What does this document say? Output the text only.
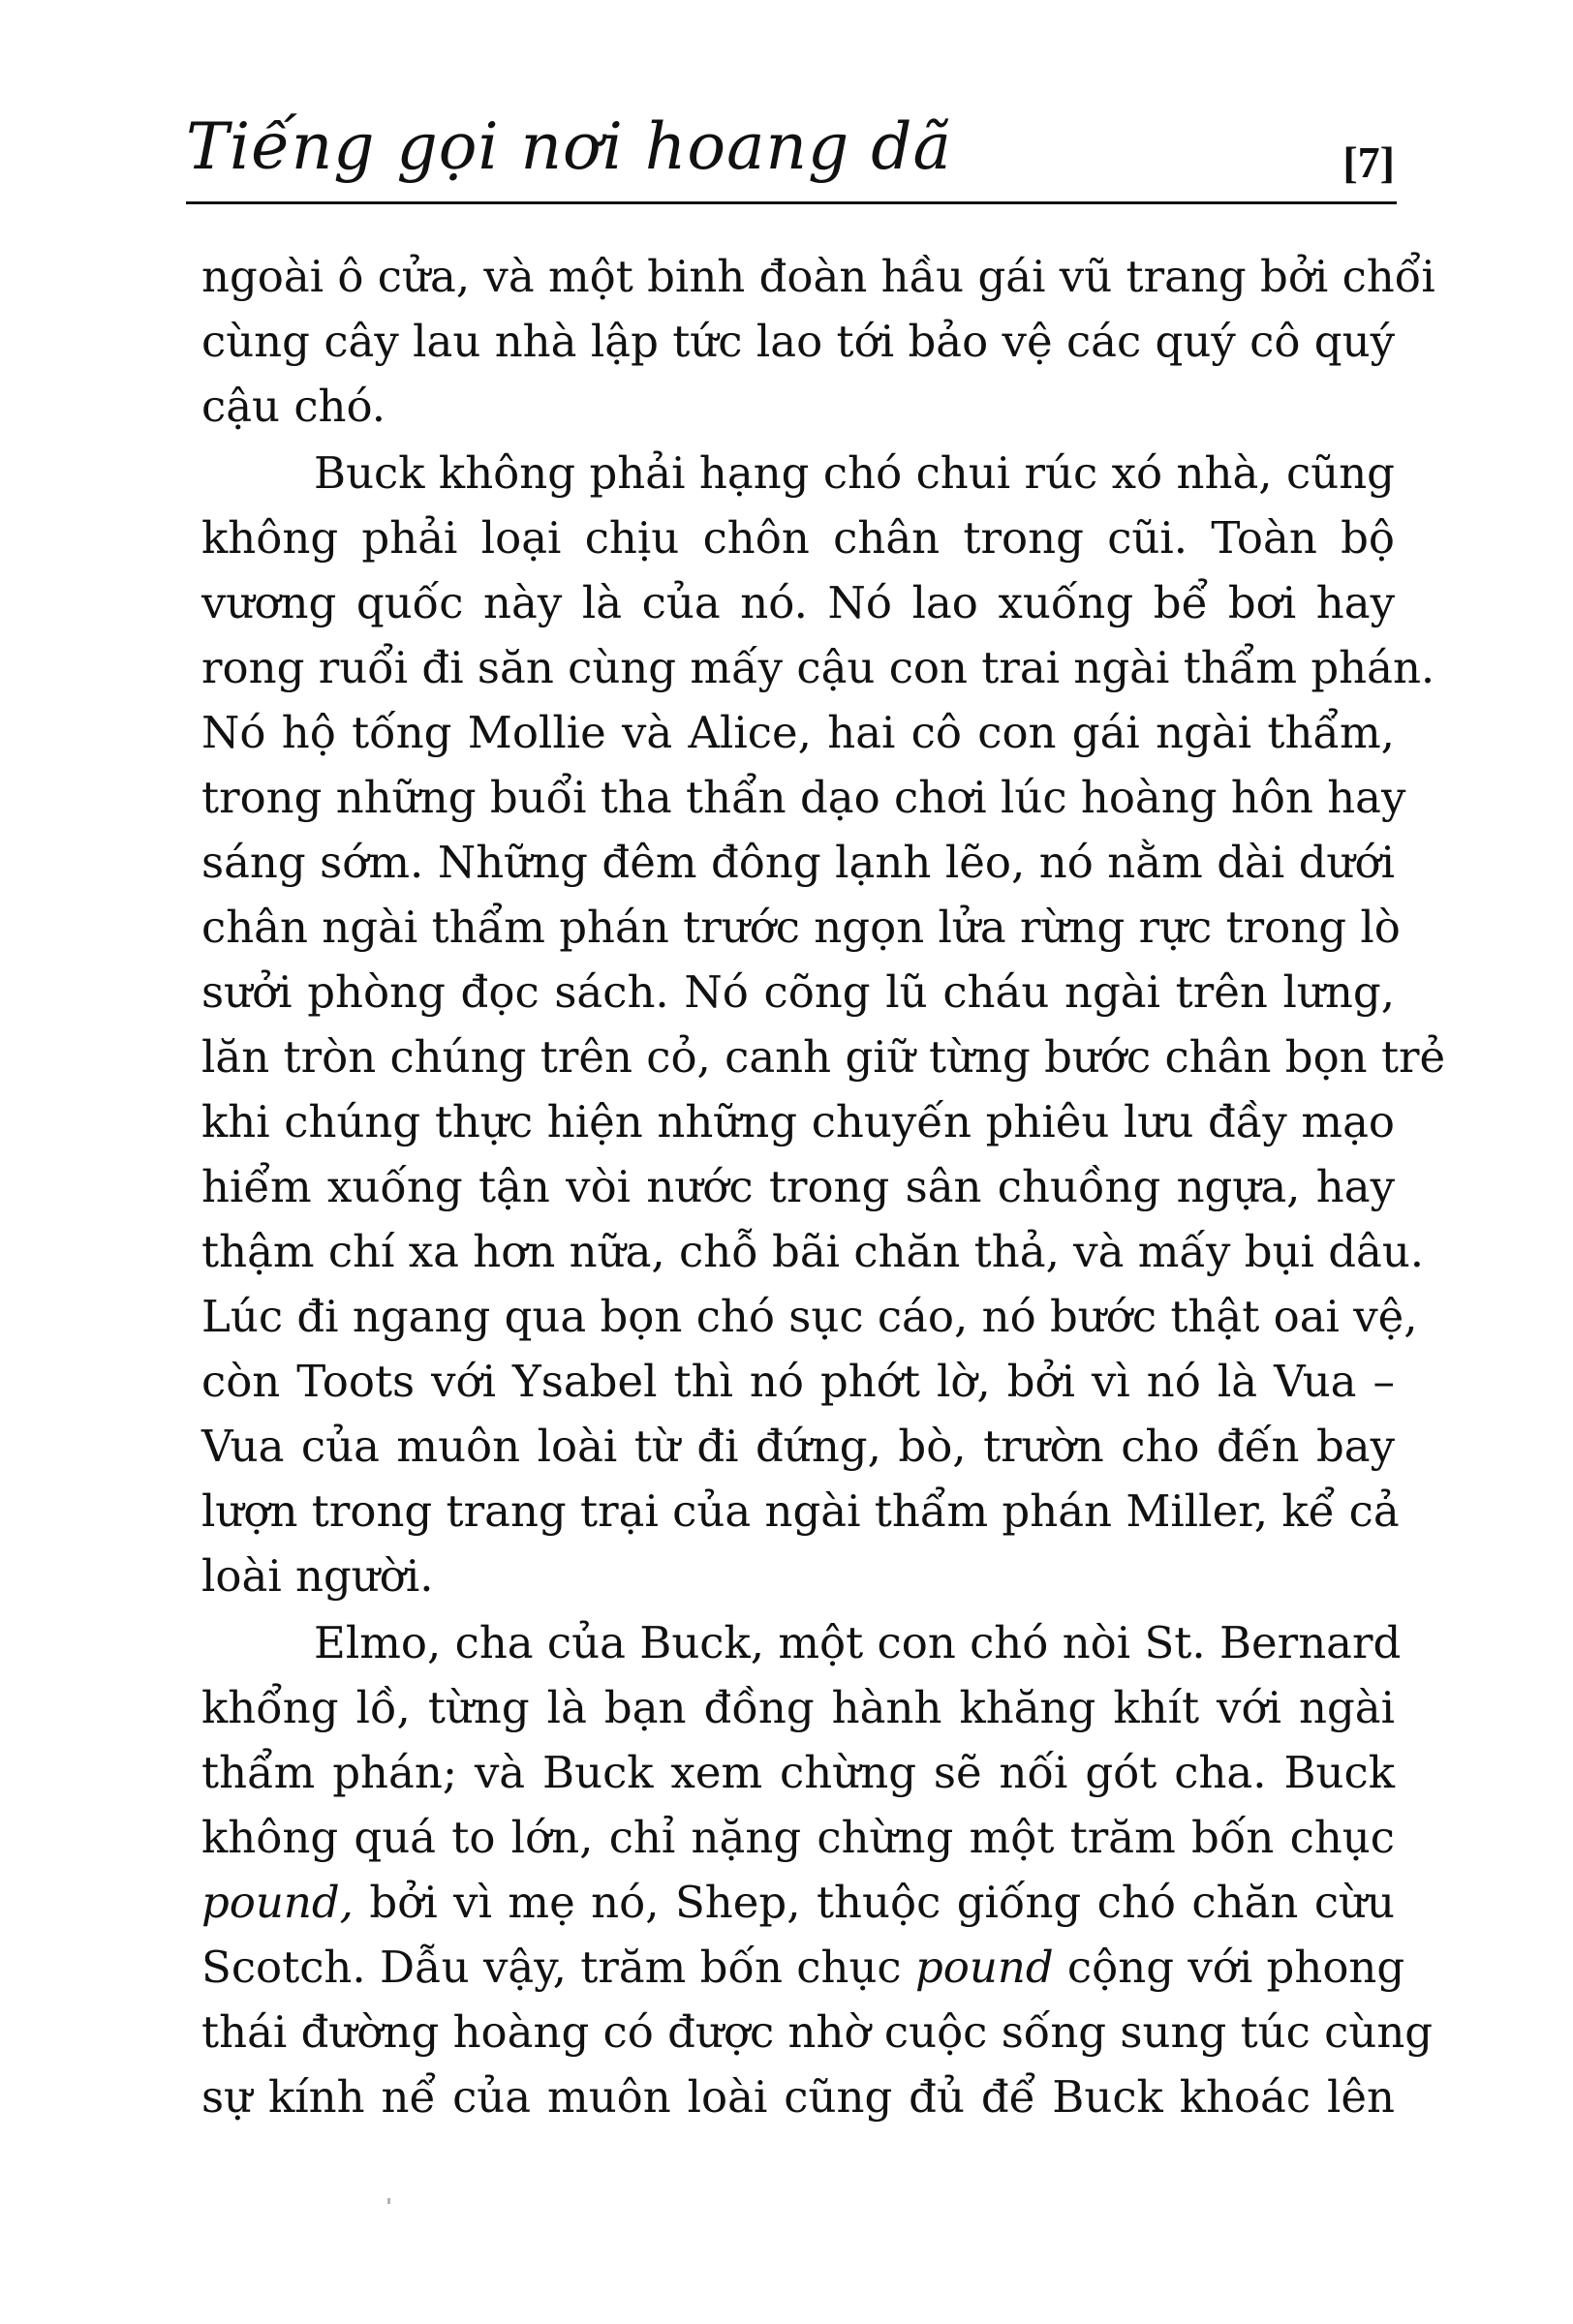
Tiếng gọi nơi hoang dã	[7]

ngoài ô cửa, và một binh đoàn hầu gái vũ trang bởi chổi
cùng cây lau nhà lập tức lao tới bảo vệ các quý cô quý
cậu chó.

Buck không phải hạng chó chui rúc xó nhà, cũng
không phải loại chịu chôn chân trong cũi. Toàn bộ
vương quốc này là của nó. Nó lao xuống bể bơi hay
rong ruổi đi săn cùng mấy cậu con trai ngài thẩm phán.
Nó hộ tống Mollie và Alice, hai cô con gái ngài thẩm,
trong những buổi tha thẩn dạo chơi lúc hoàng hôn hay
sáng sớm. Những đêm đông lạnh lẽo, nó nằm dài dưới
chân ngài thẩm phán trước ngọn lửa rừng rực trong lò
sưởi phòng đọc sách. Nó cõng lũ cháu ngài trên lưng,
lăn tròn chúng trên cỏ, canh giữ từng bước chân bọn trẻ
khi chúng thực hiện những chuyến phiêu lưu đầy mạo
hiểm xuống tận vòi nước trong sân chuồng ngựa, hay
thậm chí xa hơn nữa, chỗ bãi chăn thả, và mấy bụi dâu.
Lúc đi ngang qua bọn chó sục cáo, nó bước thật oai vệ,
còn Toots với Ysabel thì nó phớt lờ, bởi vì nó là Vua –
Vua của muôn loài từ đi đứng, bò, trườn cho đến bay
lượn trong trang trại của ngài thẩm phán Miller, kể cả
loài người.

Elmo, cha của Buck, một con chó nòi St. Bernard
khổng lồ, từng là bạn đồng hành khăng khít với ngài
thẩm phán; và Buck xem chừng sẽ nối gót cha. Buck
không quá to lớn, chỉ nặng chừng một trăm bốn chục
pound, bởi vì mẹ nó, Shep, thuộc giống chó chăn cừu
Scotch. Dẫu vậy, trăm bốn chục pound cộng với phong
thái đường hoàng có được nhờ cuộc sống sung túc cùng
sự kính nể của muôn loài cũng đủ để Buck khoác lên
